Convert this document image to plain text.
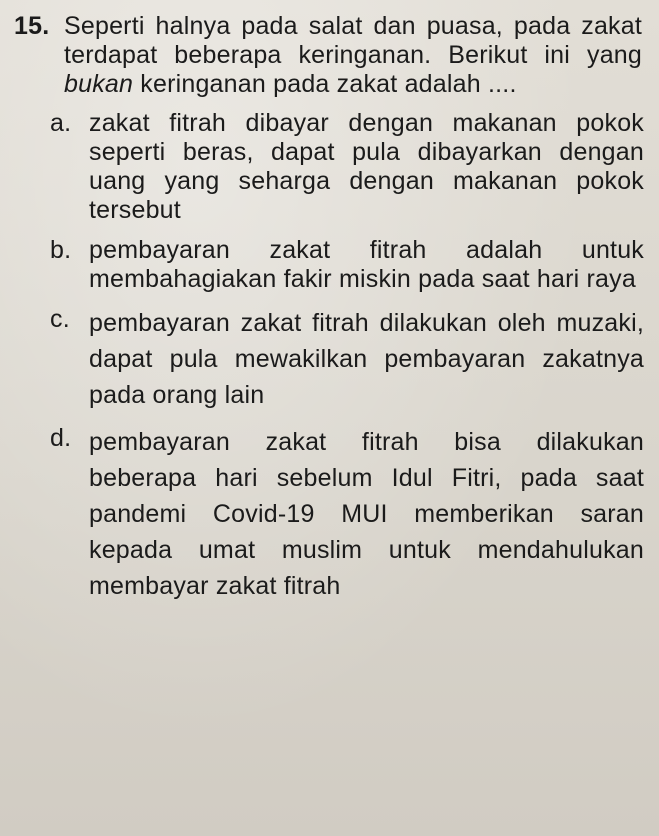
15. Seperti halnya pada salat dan puasa, pada zakat terdapat beberapa keringanan. Berikut ini yang bukan keringanan pada zakat adalah ....
a. zakat fitrah dibayar dengan makanan pokok seperti beras, dapat pula dibayarkan dengan uang yang seharga dengan makanan pokok tersebut
b. pembayaran zakat fitrah adalah untuk membahagiakan fakir miskin pada saat hari raya
c. pembayaran zakat fitrah dilakukan oleh muzaki, dapat pula mewakilkan pembayaran zakatnya pada orang lain
d. pembayaran zakat fitrah bisa dilakukan beberapa hari sebelum Idul Fitri, pada saat pandemi Covid-19 MUI memberikan saran kepada umat muslim untuk mendahulukan membayar zakat fitrah
